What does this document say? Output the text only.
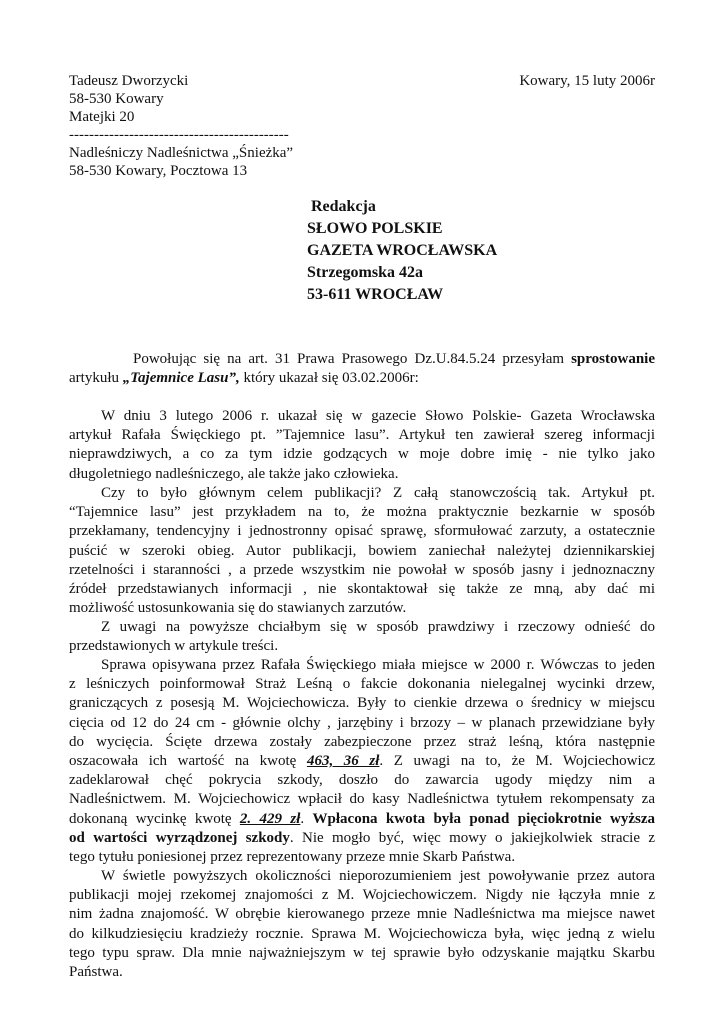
Tadeusz Dworzycki
58-530 Kowary
Matejki 20
--------------------------------------------
Nadleśniczy Nadleśnictwa „Śnieżka”
58-530 Kowary, Pocztowa 13
Kowary, 15 luty 2006r
Redakcja
SŁOWO POLSKIE
GAZETA WROCŁAWSKA
Strzegomska 42a
53-611 WROCŁAW
Powołując się na art. 31 Prawa Prasowego Dz.U.84.5.24 przesyłam sprostowanie
artykułu „Tajemnice Lasu”, który ukazał się 03.02.2006r:
W dniu 3 lutego 2006 r. ukazał się w gazecie Słowo Polskie- Gazeta Wrocławska
artykuł Rafała Święckiego pt. ”Tajemnice lasu”. Artykuł ten zawierał szereg informacji
nieprawdziwych, a co za tym idzie godzących w moje dobre imię - nie tylko jako
długoletniego nadleśniczego, ale także jako człowieka.
Czy to było głównym celem publikacji? Z całą stanowczością tak. Artykuł pt.
“Tajemnice lasu” jest przykładem na to, że można praktycznie bezkarnie w sposób
przekłamany, tendencyjny i jednostronny opisać sprawę, sformułować zarzuty, a ostatecznie
puścić w szeroki obieg. Autor publikacji, bowiem zaniechał należytej dziennikarskiej
rzetelności i staranności , a przede wszystkim nie powołał w sposób jasny i jednoznaczny
źródeł przedstawianych informacji , nie skontaktował się także ze mną, aby dać mi
możliwość ustosunkowania się do stawianych zarzutów.
Z uwagi na powyższe chciałbym się w sposób prawdziwy i rzeczowy odnieść do
przedstawionych w artykule treści.
Sprawa opisywana przez Rafała Święckiego miała miejsce w 2000 r. Wówczas to jeden
z leśniczych poinformował Straż Leśną o fakcie dokonania nielegalnej wycinki drzew,
graniczących z posesją M. Wojciechowicza. Były to cienkie drzewa o średnicy w miejscu
cięcia od 12 do 24 cm - głównie olchy , jarzębiny i brzozy – w planach przewidziane były
do wycięcia. Ścięte drzewa zostały zabezpieczone przez straż leśną, która następnie
oszacowała ich wartość na kwotę 463, 36 zł. Z uwagi na to, że M. Wojciechowicz
zadeklarował chęć pokrycia szkody, doszło do zawarcia ugody między nim a
Nadleśnictwem. M. Wojciechowicz wpłacił do kasy Nadleśnictwa tytułem rekompensaty za
dokonaną wycinkę kwotę 2. 429 zł. Wpłacona kwota była ponad pięciokrotnie wyższa
od wartości wyrządzonej szkody. Nie mogło być, więc mowy o jakiejkolwiek stracie z
tego tytułu poniesionej przez reprezentowany przeze mnie Skarb Państwa.
W świetle powyższych okoliczności nieporozumieniem jest powoływanie przez autora
publikacji mojej rzekomej znajomości z M. Wojciechowiczem. Nigdy nie łączyła mnie z
nim żadna znajomość. W obrębie kierowanego przeze mnie Nadleśnictwa ma miejsce nawet
do kilkudziesięciu kradzieży rocznie. Sprawa M. Wojciechowicza była, więc jedną z wielu
tego typu spraw. Dla mnie najważniejszym w tej sprawie było odzyskanie majątku Skarbu
Państwa.
